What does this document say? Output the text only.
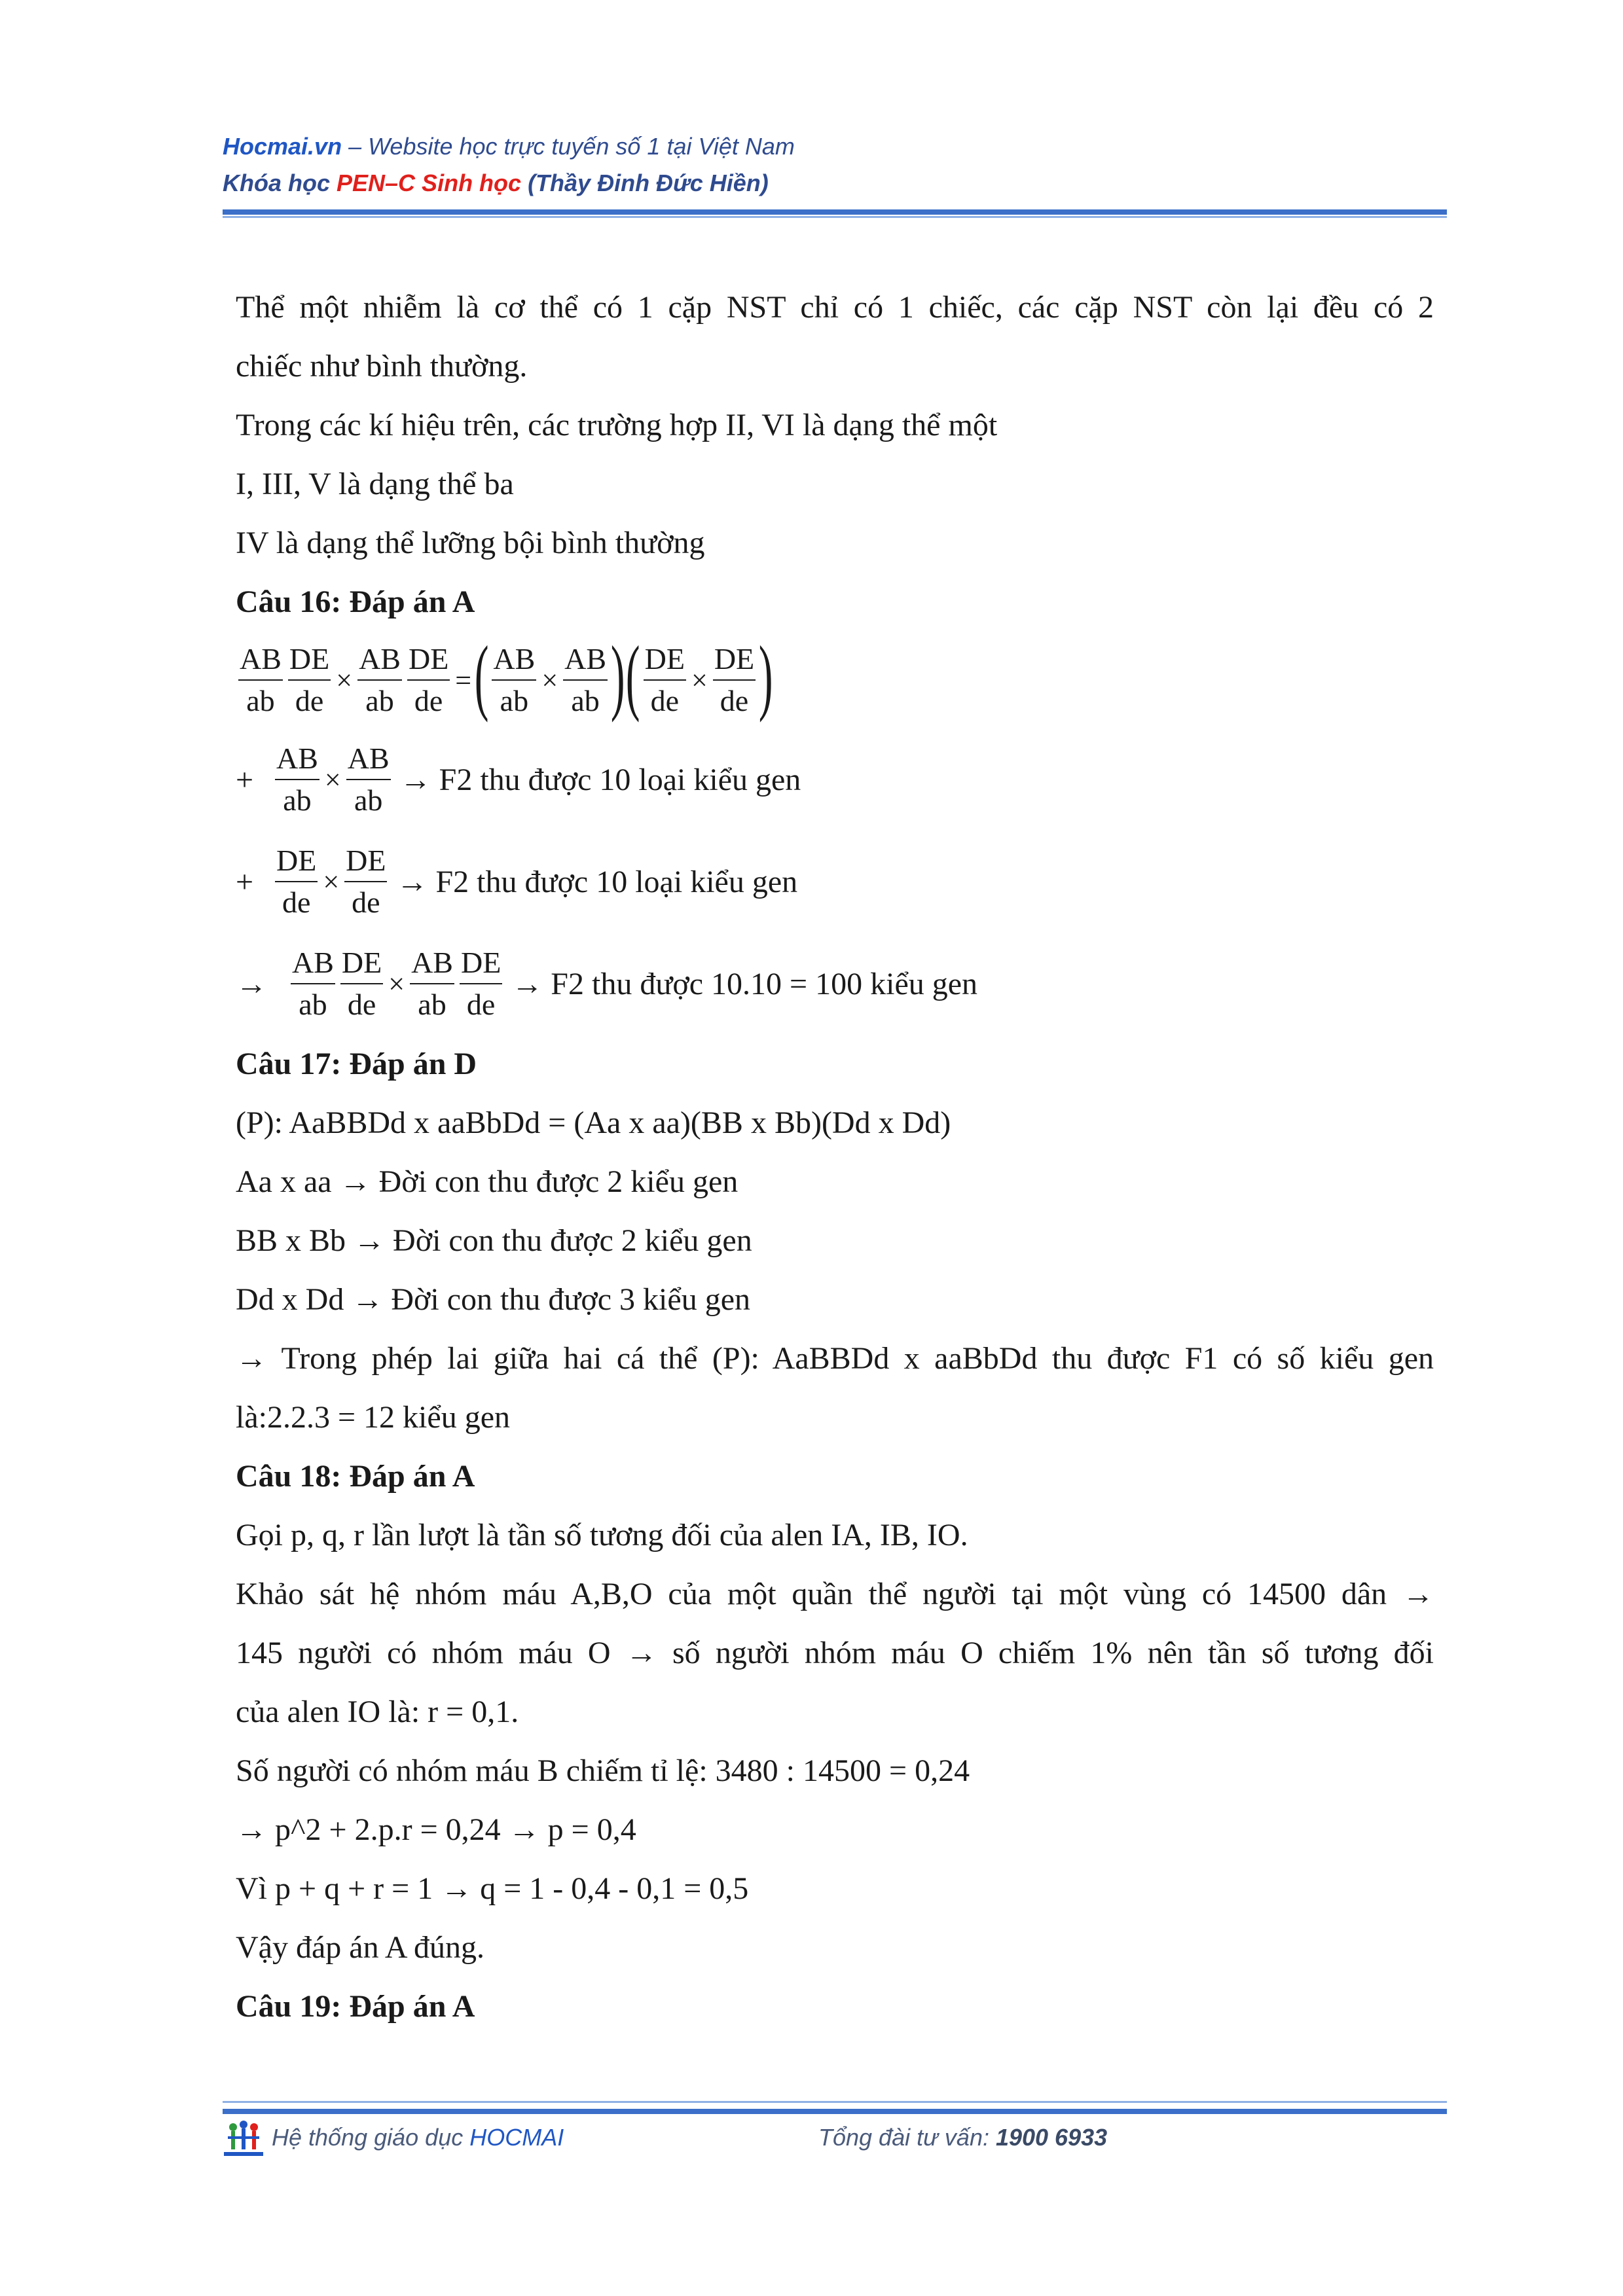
Hocmai.vn – Website học trực tuyến số 1 tại Việt Nam
Khóa học PEN–C Sinh học (Thầy Đinh Đức Hiền)
Thể một nhiễm là cơ thể có 1 cặp NST chỉ có 1 chiếc, các cặp NST còn lại đều có 2
chiếc như bình thường.
Trong các kí hiệu trên, các trường hợp II, VI là dạng thể một
I, III, V là dạng thể ba
IV là dạng thể lưỡng bội bình thường
Câu 16: Đáp án A
$\frac{AB}{ab} \frac{DE}{de} \times \frac{AB}{ab} \frac{DE}{de}$ = ( $\frac{AB}{ab} \times \frac{AB}{ab}$ ) ( $\frac{DE}{de} \times \frac{DE}{de}$ )
+ $\frac{AB}{ab} \times \frac{AB}{ab} \to F2$ thu được 10 loại kiểu gen
+ $\frac{DE}{de} \times \frac{DE}{de} \to F2$ thu được 10 loại kiểu gen
→ $\frac{AB}{ab} \frac{DE}{de} \times \frac{AB}{ab} \frac{DE}{de} \to F2$ thu được 10.10 = 100 kiểu gen
Câu 17: Đáp án D
(P): AaBBDd x aaBbDd = (Aa x aa)(BB x Bb)(Dd x Dd)
Aa x aa → Đời con thu được 2 kiểu gen
BB x Bb → Đời con thu được 2 kiểu gen
Dd x Dd → Đời con thu được 3 kiểu gen
→ Trong phép lai giữa hai cá thể (P): AaBBDd x aaBbDd thu được F1 có số kiểu gen
là:2.2.3 = 12 kiểu gen
Câu 18: Đáp án A
Gọi p, q, r lần lượt là tần số tương đối của alen IA, IB, IO.
Khảo sát hệ nhóm máu A,B,O của một quần thể người tại một vùng có 14500 dân →
145 người có nhóm máu O → số người nhóm máu O chiếm 1% nên tần số tương đối
của alen IO là: r = 0,1.
Số người có nhóm máu B chiếm tỉ lệ: 3480 : 14500 = 0,24
→ p^2 + 2.p.r = 0,24 → p = 0,4
Vì p + q + r = 1 → q = 1 - 0,4 - 0,1 = 0,5
Vậy đáp án A đúng.
Câu 19: Đáp án A
Hệ thống giáo dục HOCMAI	Tổng đài tư vấn: 1900 6933
